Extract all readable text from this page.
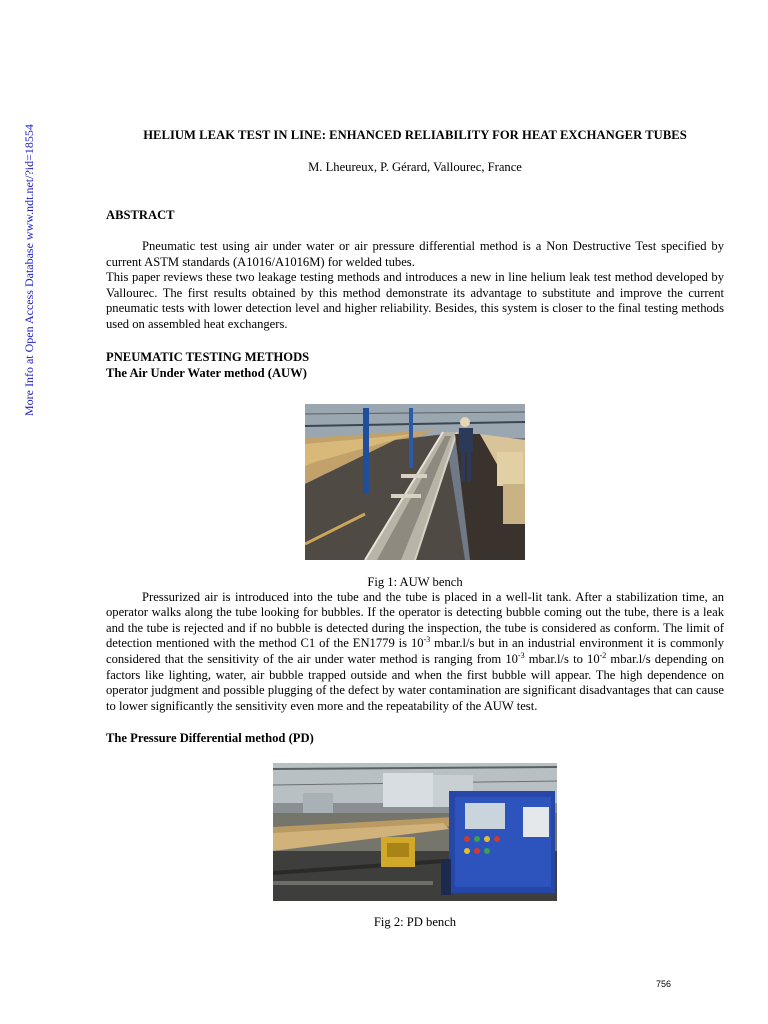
More Info at Open Access Database www.ndt.net/?id=18554	HELIUM LEAK TEST IN LINE: ENHANCED RELIABILITY FOR HEAT EXCHANGER TUBES
M. Lheureux, P. Gérard, Vallourec, France
ABSTRACT

Pneumatic test using air under water or air pressure differential method is a Non Destructive Test specified by current ASTM standards (A1016/A1016M) for welded tubes.

This paper reviews these two leakage testing methods and introduces a new in line helium leak test method developed by Vallourec. The first results obtained by this method demonstrate its advantage to substitute and improve the current pneumatic tests with lower detection level and higher reliability. Besides, this system is closer to the final testing methods used on assembled heat exchangers.

PNEUMATIC TESTING METHODS
The Air Under Water method (AUW)
Fig 1: AUW bench

Pressurized air is introduced into the tube and the tube is placed in a well-lit tank. After a stabilization time, an operator walks along the tube looking for bubbles. If the operator is detecting bubble coming out the tube, there is a leak and the tube is rejected and if no bubble is detected during the inspection, the tube is considered as conform. The limit of detection mentioned with the method C1 of the EN1779 is $10^{-3}$ mbar.l/s but in an industrial environment it is commonly considered that the sensitivity of the air under water method is ranging from $10^{-3}$ mbar.l/s to $10^{-2}$ mbar.l/s depending on factors like lighting, water, air bubble trapped outside and when the first bubble will appear. The high dependence on operator judgment and possible plugging of the defect by water contamination are significant disadvantages that can cause to lower significantly the sensitivity even more and the repeatability of the AUW test.

The Pressure Differential method (PD)
Fig 2: PD bench
756
